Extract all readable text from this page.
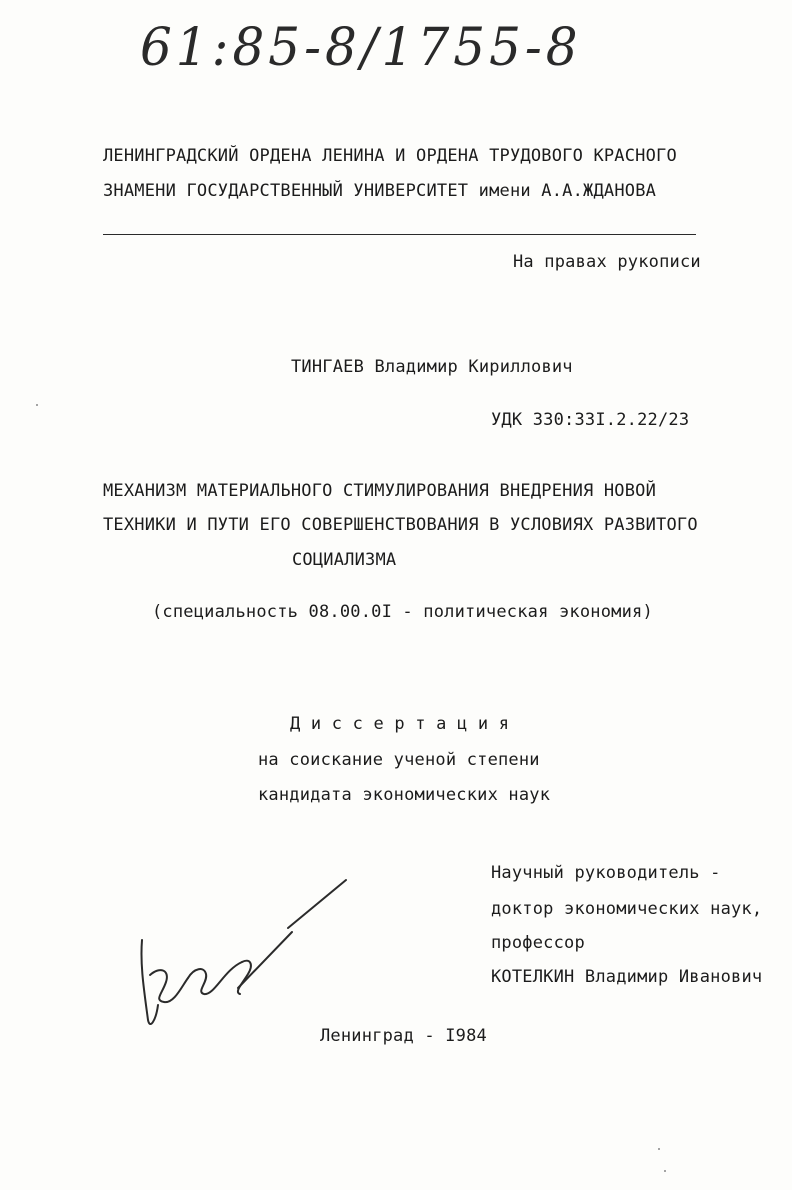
61:85-8/1755-8
ЛЕНИНГРАДСКИЙ ОРДЕНА ЛЕНИНА И ОРДЕНА ТРУДОВОГО КРАСНОГО
ЗНАМЕНИ ГОСУДАРСТВЕННЫЙ УНИВЕРСИТЕТ имени А.А.ЖДАНОВА
На правах рукописи
ТИНГАЕВ Владимир Кириллович
УДК 330:33I.2.22/23
МЕХАНИЗМ МАТЕРИАЛЬНОГО СТИМУЛИРОВАНИЯ ВНЕДРЕНИЯ НОВОЙ
ТЕХНИКИ И ПУТИ ЕГО СОВЕРШЕНСТВОВАНИЯ В УСЛОВИЯХ РАЗВИТОГО
СОЦИАЛИЗМА
(специальность 08.00.0I - политическая экономия)
Д и с с е р т а ц и я
на соискание ученой степени
кандидата экономических наук
Научный руководитель -
доктор экономических наук,
профессор
КОТЕЛКИН Владимир Иванович
Ленинград - I984
